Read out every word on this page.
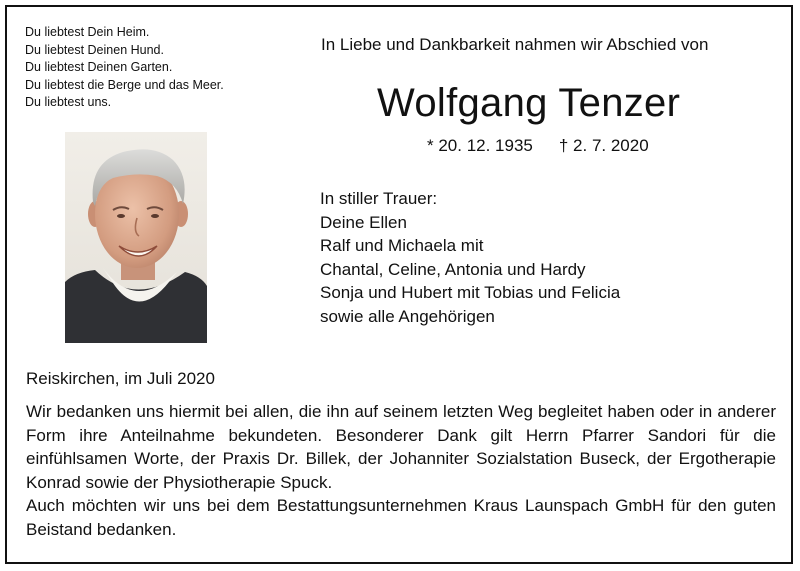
Du liebtest Dein Heim.
Du liebtest Deinen Hund.
Du liebtest Deinen Garten.
Du liebtest die Berge und das Meer.
Du liebtest uns.
In Liebe und Dankbarkeit nahmen wir Abschied von
Wolfgang Tenzer
* 20. 12. 1935 † 2. 7. 2020
In stiller Trauer:
Deine Ellen
Ralf und Michaela mit
Chantal, Celine, Antonia und Hardy
Sonja und Hubert mit Tobias und Felicia
sowie alle Angehörigen
Reiskirchen, im Juli 2020

Wir bedanken uns hiermit bei allen, die ihn auf seinem letzten Weg begleitet haben oder in anderer Form ihre Anteilnahme bekundeten. Besonderer Dank gilt Herrn Pfarrer Sandori für die einfühlsamen Worte, der Praxis Dr. Billek, der Johanniter Sozialstation Buseck, der Ergotherapie Konrad sowie der Physiotherapie Spuck.

Auch möchten wir uns bei dem Bestattungsunternehmen Kraus Launspach GmbH für den guten Beistand bedanken.
